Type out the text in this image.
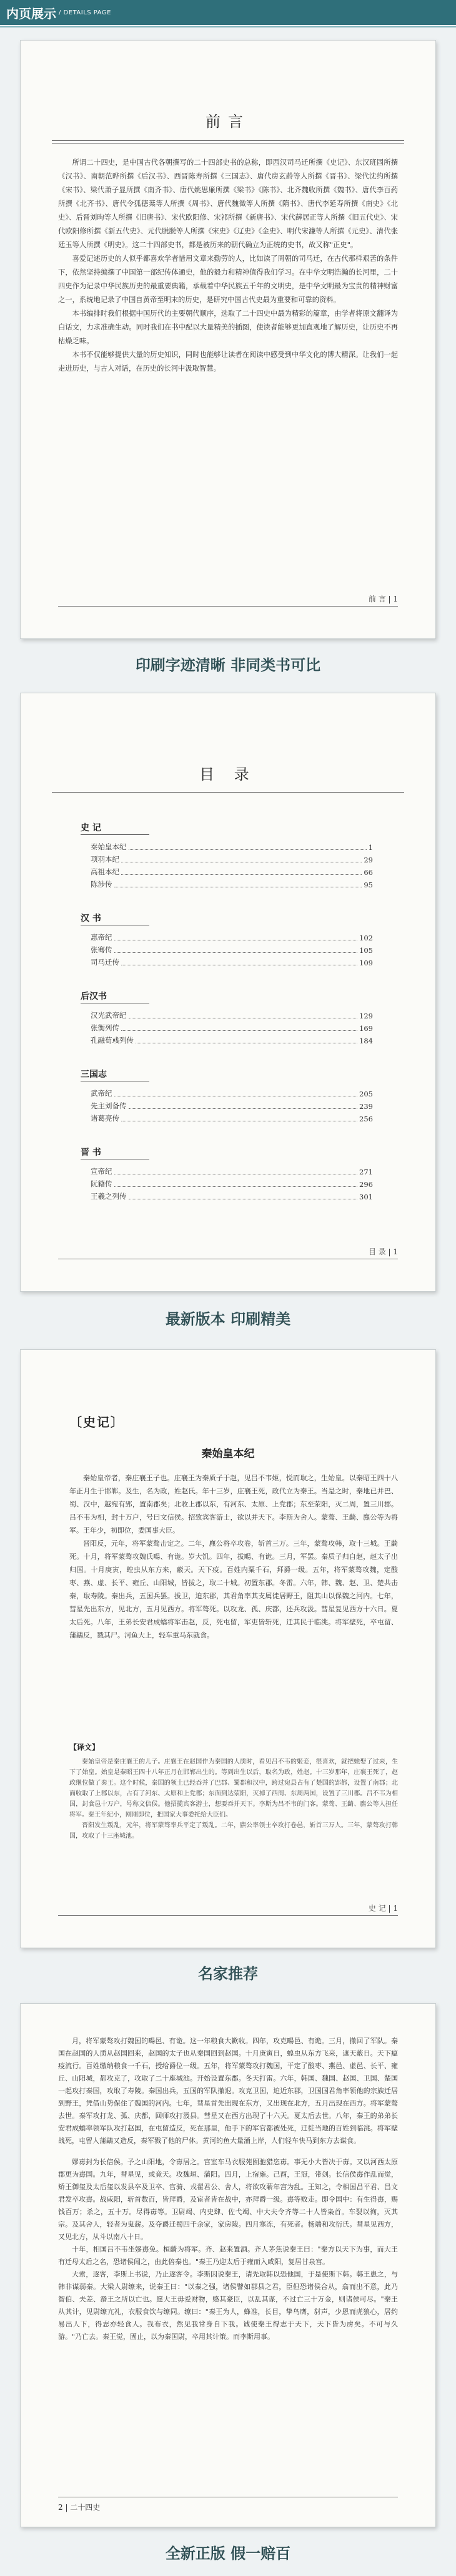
内页展示 / DETAILS PAGE
前言

所谓二十四史，是中国古代各朝撰写的二十四部史书的总称，即西汉司马迁所撰《史记》、东汉班固所撰《汉书》、南朝范晔所撰《后汉书》、西晋陈寿所撰《三国志》、唐代房玄龄等人所撰《晋书》、梁代沈约所撰《宋书》、梁代萧子显所撰《南齐书》、唐代姚思廉所撰《梁书》《陈书》、北齐魏收所撰《魏书》、唐代李百药所撰《北齐书》、唐代令狐德棻等人所撰《周书》、唐代魏徵等人所撰《隋书》、唐代李延寿所撰《南史》《北史》、后晋刘昫等人所撰《旧唐书》、宋代欧阳修、宋祁所撰《新唐书》、宋代薛居正等人所撰《旧五代史》、宋代欧阳修所撰《新五代史》、元代脱脱等人所撰《宋史》《辽史》《金史》、明代宋濂等人所撰《元史》、清代张廷玉等人所撰《明史》。这二十四部史书，都是被历来的朝代确立为正统的史书，故又称"正史"。

喜爱记述历史的人似乎都喜欢学者惜用文章来勤劳的人，比如读了周朝的司马迁，在古代那样艰苦的条件下，依然坚持编撰了中国第一部纪传体通史，他的毅力和精神值得我们学习。在中华文明浩瀚的长河里，二十四史作为记录中华民族历史的最重要典籍，承载着中华民族五千年的文明史，是中华文明最为宝贵的精神财富之一，系统地记录了中国自黄帝至明末的历史，是研究中国古代史最为重要和可靠的资料。

本书编排时我们根据中国历代的主要朝代顺序，选取了二十四史中最为精彩的篇章，由学者将原文翻译为白话文，力求准确生动。同时我们在书中配以大量精美的插图，使读者能够更加直观地了解历史，让历史不再枯燥乏味。

本书不仅能够提供大量的历史知识，同时也能够让读者在阅读中感受到中华文化的博大精深。让我们一起走进历史，与古人对话，在历史的长河中汲取智慧。

前 言 | 1
印刷字迹清晰 非同类书可比
目 录
史 记
秦始皇本纪	1
项羽本纪	29
高祖本纪	66
陈涉传	95
汉 书
惠帝纪	102
张骞传	105
司马迁传	109
后汉书
汉光武帝纪	129
张衡列传	169
孔融荀彧列传	184
三国志
武帝纪	205
先主刘备传	239
诸葛亮传	256
晋 书
宣帝纪	271
阮籍传	296
王羲之列传	301
目 录 | 1
最新版本 印刷精美
〔史记〕
秦始皇本纪

秦始皇帝者，秦庄襄王子也。庄襄王为秦质子于赵，见吕不韦姬，悦而取之，生始皇。以秦昭王四十八年正月生于邯郸。及生，名为政，姓赵氏。年十三岁，庄襄王死，政代立为秦王。当是之时，秦地已并巴、蜀、汉中，越宛有郢，置南郡矣；北收上郡以东，有河东、太原、上党郡；东至荥阳，灭二周，置三川郡。吕不韦为相，封十万户，号曰文信侯。招致宾客游士，欲以并天下。李斯为舍人。蒙骜、王齮、麃公等为将军。王年少，初即位，委国事大臣。

晋阳反，元年，将军蒙骜击定之。二年，麃公将卒攻卷，斩首三万。三年，蒙骜攻韩，取十三城。王齮死。十月，将军蒙骜攻魏氏畼、有诡。岁大饥。四年，拔畼、有诡。三月，军罢。秦质子归自赵，赵太子出归国。十月庚寅，蝗虫从东方来，蔽天。天下疫。百姓内粟千石，拜爵一级。五年，将军蒙骜攻魏，定酸枣、燕、虚、长平、雍丘、山阳城，皆拔之，取二十城。初置东郡。冬雷。六年，韩、魏、赵、卫、楚共击秦，取寿陵。秦出兵，五国兵罢。拔卫，迫东郡，其君角率其支属徙居野王，阻其山以保魏之河内。七年，彗星先出东方，见北方，五月见西方。将军骜死。以攻龙、孤、庆都，还兵攻汲。彗星复见西方十六日。夏太后死。八年，王弟长安君成蟜将军击赵，反，死屯留，军吏皆斩死，迁其民于临洮。将军壁死，卒屯留、蒲鶮反，戮其尸。河鱼大上，轻车重马东就食。

【译文】

秦始皇帝是秦庄襄王的儿子。庄襄王在赵国作为秦国的人质时，看见吕不韦的姬妾，很喜欢，就把她娶了过来，生下了始皇。始皇是秦昭王四十八年正月在邯郸出生的。等到出生以后，取名为政，姓赵。十三岁那年，庄襄王死了，赵政继位做了秦王。这个时候，秦国的领土已经吞并了巴郡、蜀郡和汉中，跨过宛县占有了楚国的郢都，设置了南郡；北面收取了上郡以东，占有了河东、太原和上党郡；东面到达荥阳，灭掉了西周、东周两国，设置了三川郡。吕不韦为相国，封食邑十万户，号称文信侯。他招揽宾客游士，想要吞并天下。李斯为吕不韦的门客。蒙骜、王齮、麃公等人担任将军。秦王年纪小，刚刚即位，把国家大事委托给大臣们。

晋阳发生叛乱，元年，将军蒙骜率兵平定了叛乱。二年，麃公率领士卒攻打卷邑，斩首三万人。三年，蒙骜攻打韩国，攻取了十三座城池。

史 记 | 1
名家推荐

月，将军蒙骜攻打魏国的畼邑、有诡。这一年粮食大歉收。四年，攻克畼邑、有诡。三月，撤回了军队。秦国在赵国的人质从赵国回来，赵国的太子也从秦国回到赵国。十月庚寅日，蝗虫从东方飞来，遮天蔽日。天下瘟疫流行。百姓缴纳粮食一千石，授给爵位一级。五年，将军蒙骜攻打魏国，平定了酸枣、燕邑、虚邑、长平、雍丘、山阳城，都攻克了，攻取了二十座城池。开始设置东郡。冬天打雷。六年，韩国、魏国、赵国、卫国、楚国一起攻打秦国，攻取了寿陵。秦国出兵，五国的军队撤退。攻克卫国，迫近东郡，卫国国君角率领他的宗族迁居到野王，凭借山势保住了魏国的河内。七年，彗星首先出现在东方，又出现在北方，五月出现在西方。将军蒙骜去世。秦军攻打龙、孤、庆都，回师攻打汲县。彗星又在西方出现了十六天。夏太后去世。八年，秦王的弟弟长安君成蟜率领军队攻打赵国，在屯留造反，死在那里，他手下的军官都被处死，迁徙当地的百姓到临洮。将军壁战死，屯留人蒲鶮又造反，秦军戮了他的尸体。黄河的鱼大量涌上岸，人们轻车快马到东方去谋食。

嫪毐封为长信侯。予之山阳地，令毐居之。宫室车马衣服苑囿驰猎恣毐。事无小大皆决于毐。又以河西太原郡更为毐国。九年，彗星见，或竟天。攻魏垣、蒲阳。四月，上宿雍。己酉，王冠，带剑。长信侯毐作乱而觉，矫王御玺及太后玺以发县卒及卫卒、官骑、戎翟君公、舍人，将欲攻蕲年宫为乱。王知之，令相国昌平君、昌文君发卒攻毐。战咸阳，斩首数百，皆拜爵，及宦者皆在战中，亦拜爵一级。毐等败走。即令国中：有生得毐，赐钱百万；杀之，五十万。尽得毐等。卫尉竭、内史肆、佐弋竭、中大夫令齐等二十人皆枭首。车裂以徇，灭其宗。及其舍人，轻者为鬼薪。及夺爵迁蜀四千余家，家房陵。四月寒冻，有死者。杨端和攻衍氏。彗星见西方，又见北方，从斗以南八十日。

十年，相国吕不韦坐嫪毐免。桓齮为将军。齐、赵来置酒。齐人茅焦说秦王曰："秦方以天下为事，而大王有迁母太后之名，恐诸侯闻之，由此倍秦也。"秦王乃迎太后于雍而入咸阳，复居甘泉宫。

大索，逐客，李斯上书说，乃止逐客令。李斯因说秦王，请先取韩以恐他国，于是使斯下韩。韩王患之，与韩非谋弱秦。大梁人尉缭来，说秦王曰："以秦之强，诸侯譬如郡县之君，臣但恐诸侯合从，翕而出不意，此乃智伯、夫差、湣王之所以亡也。愿大王毋爱财物，赂其豪臣，以乱其谋，不过亡三十万金，则诸侯可尽。"秦王从其计，见尉缭亢礼，衣服食饮与缭同。缭曰："秦王为人，蜂准，长目，挚鸟膺，豺声，少恩而虎狼心，居约易出人下，得志亦轻食人。我布衣，然见我常身自下我。诚使秦王得志于天下，天下皆为虏矣。不可与久游。"乃亡去。秦王觉，固止，以为秦国尉，卒用其计策。而李斯用事。

2 | 二十四史
全新正版 假一赔百
